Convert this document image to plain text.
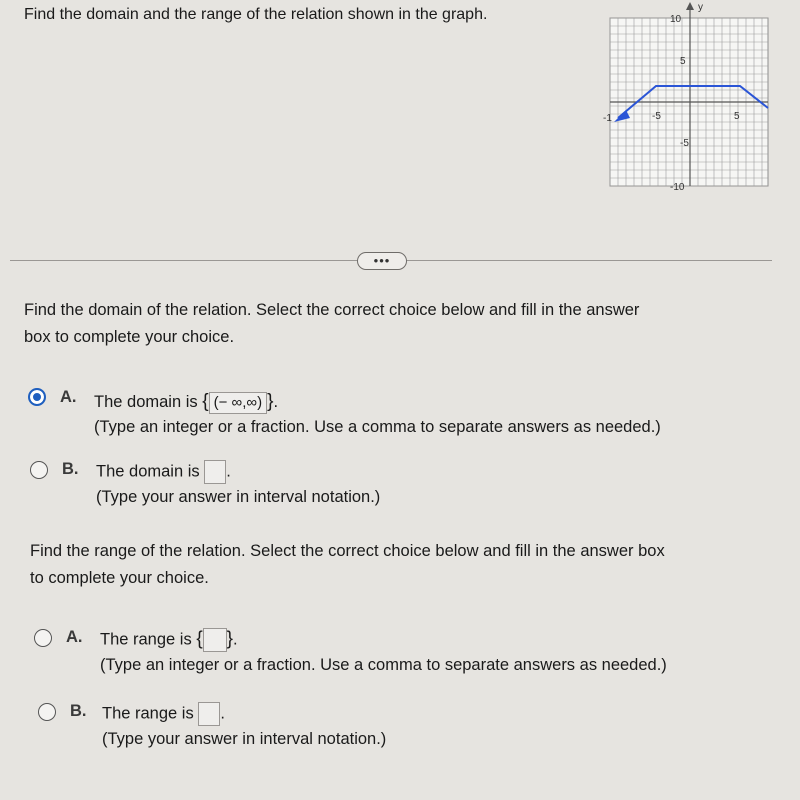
Find the domain and the range of the relation shown in the graph.	y
10
5
-5
-10
-5	5
-1
•••
Find the domain of the relation. Select the correct choice below and fill in the answer
box to complete your choice.
A. The domain is { (− ∞,∞) }.
(Type an integer or a fraction. Use a comma to separate answers as needed.)
B. The domain is .
(Type your answer in interval notation.)
Find the range of the relation. Select the correct choice below and fill in the answer box
to complete your choice.
A. The range is { }.
(Type an integer or a fraction. Use a comma to separate answers as needed.)
B. The range is .
(Type your answer in interval notation.)
